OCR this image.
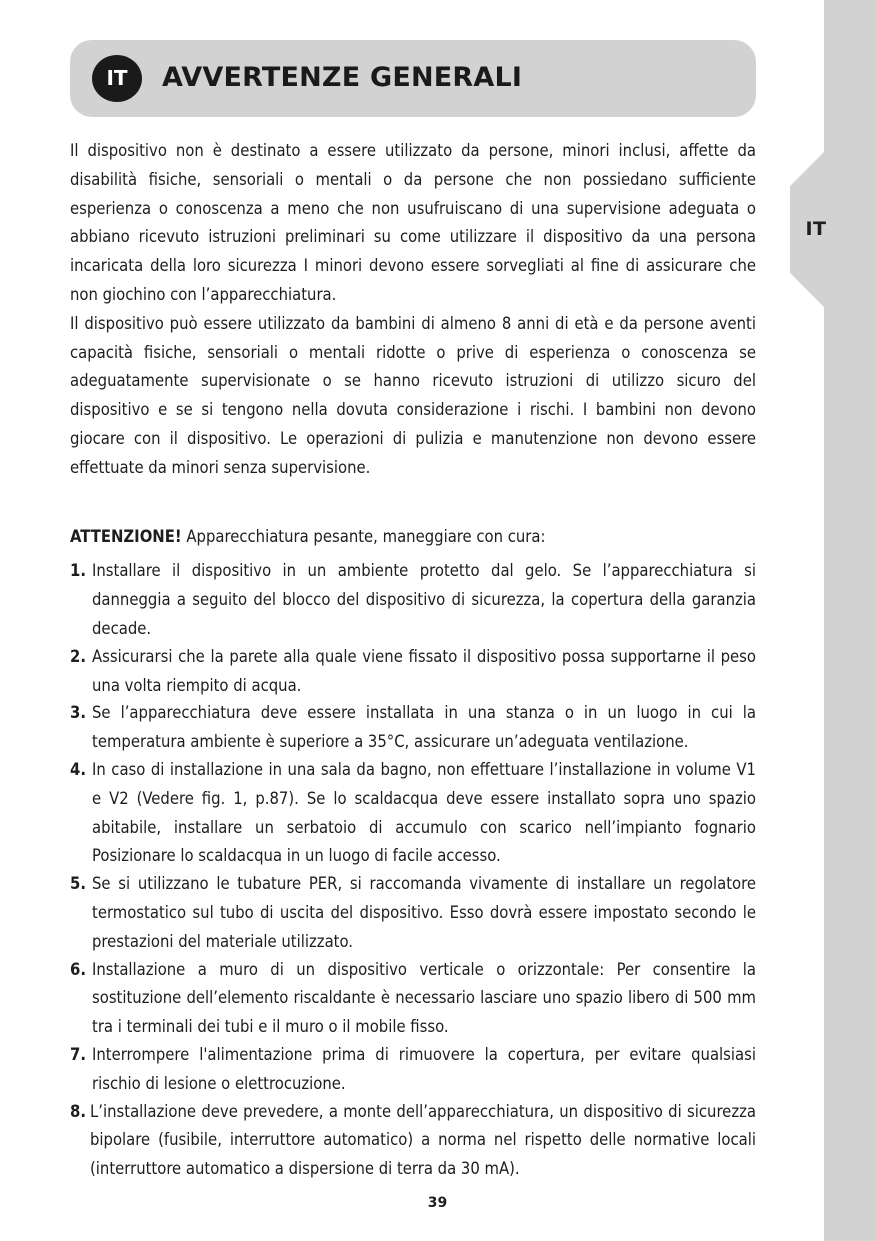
IT
IT	AVVERTENZE GENERALI

Il dispositivo non è destinato a essere utilizzato da persone, minori inclusi, affette da disabilità fisiche, sensoriali o mentali o da persone che non possiedano sufficiente esperienza o conoscenza a meno che non usufruiscano di una supervisione adeguata o abbiano ricevuto istruzioni preliminari su come utilizzare il dispositivo da una persona incaricata della loro sicurezza I minori devono essere sorvegliati al fine di assicurare che non giochino con l’apparecchiatura.

Il dispositivo può essere utilizzato da bambini di almeno 8 anni di età e da persone aventi capacità fisiche, sensoriali o mentali ridotte o prive di esperienza o conoscenza se adeguatamente supervisionate o se hanno ricevuto istruzioni di utilizzo sicuro del dispositivo e se si tengono nella dovuta considerazione i rischi. I bambini non devono giocare con il dispositivo. Le operazioni di pulizia e manutenzione non devono essere effettuate da minori senza supervisione.

ATTENZIONE! Apparecchiatura pesante, maneggiare con cura:

1. Installare il dispositivo in un ambiente protetto dal gelo. Se l’apparecchiatura si danneggia a seguito del blocco del dispositivo di sicurezza, la copertura della garanzia decade.
2. Assicurarsi che la parete alla quale viene fissato il dispositivo possa supportarne il peso una volta riempito di acqua.
3. Se l’apparecchiatura deve essere installata in una stanza o in un luogo in cui la temperatura ambiente è superiore a 35°C, assicurare un’adeguata ventilazione.
4. In caso di installazione in una sala da bagno, non effettuare l’installazione in volume V1 e V2 (Vedere fig. 1, p.87). Se lo scaldacqua deve essere installato sopra uno spazio abitabile, installare un serbatoio di accumulo con scarico nell’impianto fognario Posizionare lo scaldacqua in un luogo di facile accesso.
5. Se si utilizzano le tubature PER, si raccomanda vivamente di installare un regolatore termostatico sul tubo di uscita del dispositivo. Esso dovrà essere impostato secondo le prestazioni del materiale utilizzato.
6. Installazione a muro di un dispositivo verticale o orizzontale: Per consentire la sostituzione dell’elemento riscaldante è necessario lasciare uno spazio libero di 500 mm tra i terminali dei tubi e il muro o il mobile fisso.
7. Interrompere l'alimentazione prima di rimuovere la copertura, per evitare qualsiasi rischio di lesione o elettrocuzione.
8. L’installazione deve prevedere, a monte dell’apparecchiatura, un dispositivo di sicurezza bipolare (fusibile, interruttore automatico) a norma nel rispetto delle normative locali (interruttore automatico a dispersione di terra da 30 mA).
39
